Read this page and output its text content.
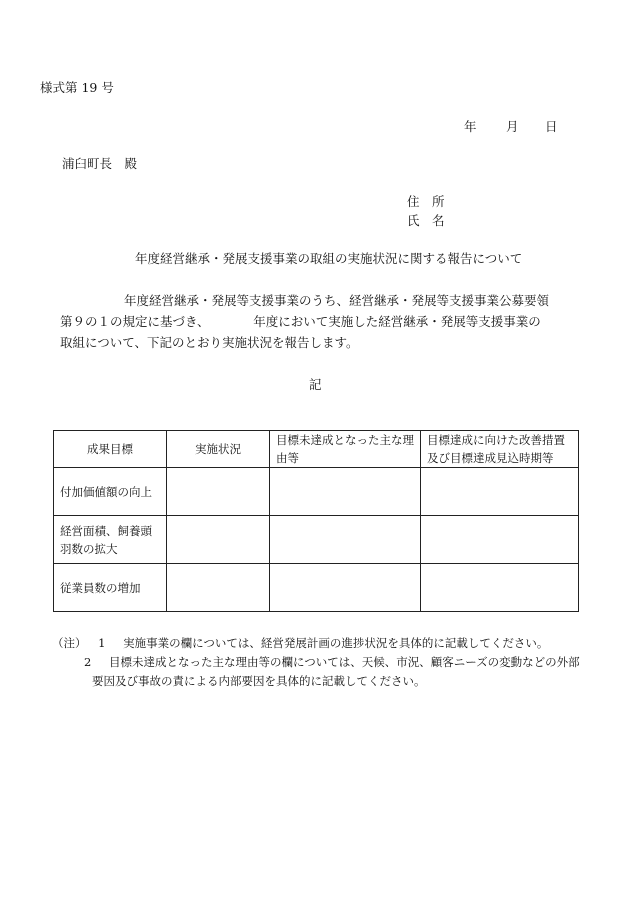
様式第 19 号
年 月 日
浦臼町長　殿
住　所
氏　名
年度経営継承・発展支援事業の取組の実施状況に関する報告について
年度経営継承・発展等支援事業のうち、経営継承・発展等支援事業公募要領
第９の１の規定に基づき、　　　　年度において実施した経営継承・発展等支援事業の
取組について、下記のとおり実施状況を報告します。
記
成果目標	実施状況	目標未達成となった主な理由等	目標達成に向けた改善措置及び目標達成見込時期等
付加価値額の向上			
経営面積、飼養頭羽数の拡大			
従業員数の増加			
（注） 1 実施事業の欄については、経営発展計画の進捗状況を具体的に記載してください。
2 目標未達成となった主な理由等の欄については、天候、市況、顧客ニーズの変動などの外部
要因及び事故の責による内部要因を具体的に記載してください。
